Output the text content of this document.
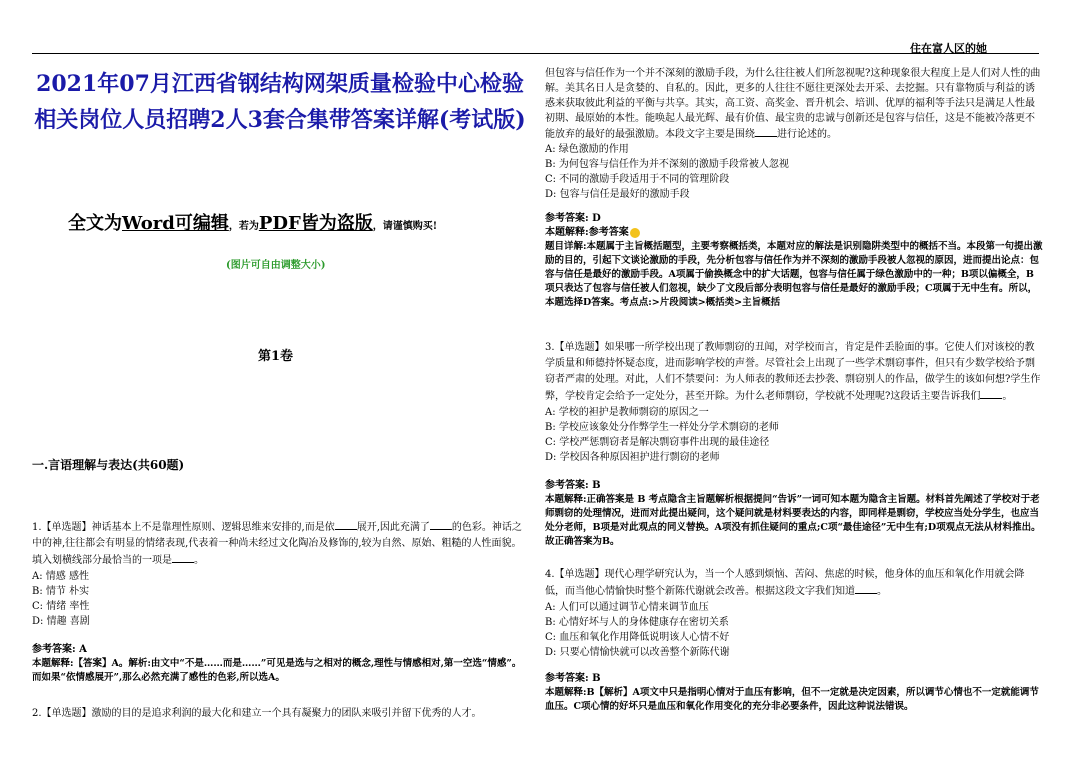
住在富人区的她
2021年07月江西省钢结构网架质量检验中心检验相关岗位人员招聘2人3套合集带答案详解(考试版)
全文为Word可编辑，若为PDF皆为盗版，请谨慎购买!
(图片可自由调整大小)
第1卷
一.言语理解与表达(共60题)
1.【单选题】神话基本上不是靠理性原则、逻辑思维来安排的,而是依 展开,因此充满了 的色彩。神话之中的神,往往都会有明显的情绪表现,代表着一种尚未经过文化陶冶及修饰的,较为自然、原始、粗糙的人性面貌。填入划横线部分最恰当的一项是 。
A: 情感 感性
B: 情节 朴实
C: 情绪 率性
D: 情趣 喜剧
参考答案: A
本题解释:【答案】A。解析:由文中“不是……而是……”可见是选与之相对的概念,理性与情感相对,第一空选“情感”。而如果“依情感展开”,那么必然充满了感性的色彩,所以选A。
2.【单选题】激励的目的是追求利润的最大化和建立一个具有凝聚力的团队来吸引并留下优秀的人才。
但包容与信任作为一个并不深刻的激励手段，为什么往往被人们所忽视呢?这种现象很大程度上是人们对人性的曲解。美其名日人是贪婪的、自私的。因此，更多的人往往不愿往更深处去开采、去挖掘。只有靠物质与利益的诱惑来获取彼此利益的平衡与共享。其实，高工资、高奖金、晋升机会、培训、优厚的福利等手法只是满足人性最初期、最原始的本性。能唤起人最光辉、最有价值、最宝贵的忠诚与创新还是包容与信任，这是不能被冷落更不能放弃的最好的最强激励。本段文字主要是围绕 进行论述的。
A: 绿色激励的作用
B: 为何包容与信任作为并不深刻的激励手段常被人忽视
C: 不同的激励手段适用于不同的管理阶段
D: 包容与信任是最好的激励手段
参考答案: D
本题解释:参考答案
题目详解:本题属于主旨概括题型，主要考察概括类，本题对应的解法是识别隐阱类型中的概括不当。本段第一句提出激励的目的，引起下文谈论激励的手段，先分析包容与信任作为并不深刻的激励手段被人忽视的原因，进而提出论点：包容与信任是最好的激励手段。A项属于偷换概念中的扩大话题，包容与信任属于绿色激励中的一种；B项以偏概全，B项只表达了包容与信任被人们忽视，缺少了文段后部分表明包容与信任是最好的激励手段；C项属于无中生有。所以，本题选择D答案。考点点:>片段阅读>概括类>主旨概括
3.【单选题】如果哪一所学校出现了教师剽窃的丑闻，对学校而言，肯定是件丢脸面的事。它使人们对该校的教学质量和师德持怀疑态度，进而影响学校的声誉。尽管社会上出现了一些学术剽窃事件，但只有少数学校给予剽窃者严肃的处理。对此，人们不禁要问：为人师表的教师还去抄袭、剽窃别人的作品，做学生的该如何想?学生作弊，学校肯定会给予一定处分，甚至开除。为什么老师剽窃，学校就不处理呢?这段话主要告诉我们 。
A: 学校的袒护是教师剽窃的原因之一
B: 学校应该象处分作弊学生一样处分学术剽窃的老师
C: 学校严惩剽窃者是解决剽窃事件出现的最佳途径
D: 学校因各种原因袒护进行剽窃的老师
参考答案: B
本题解释:正确答案是 B 考点隐含主旨题解析根据提问“告诉”一词可知本题为隐含主旨题。材料首先阐述了学校对于老师剽窃的处理情况，进而对此提出疑问，这个疑问就是材料要表达的内容，即同样是剽窃，学校应当处分学生，也应当处分老师，B项是对此观点的同义替换。A项没有抓住疑问的重点;C项“最佳途径”无中生有;D项观点无法从材料推出。故正确答案为B。
4.【单选题】现代心理学研究认为，当一个人感到烦恼、苦闷、焦虑的时候，他身体的血压和氧化作用就会降低，而当他心情愉快时整个新陈代谢就会改善。根据这段文字我们知道 。
A: 人们可以通过调节心情来调节血压
B: 心情好坏与人的身体健康存在密切关系
C: 血压和氧化作用降低说明该人心情不好
D: 只要心情愉快就可以改善整个新陈代谢
参考答案: B
本题解释:B【解析】A项文中只是指明心情对于血压有影响，但不一定就是决定因素，所以调节心情也不一定就能调节血压。C项心情的好坏只是血压和氧化作用变化的充分非必要条件，因此这种说法错误。
